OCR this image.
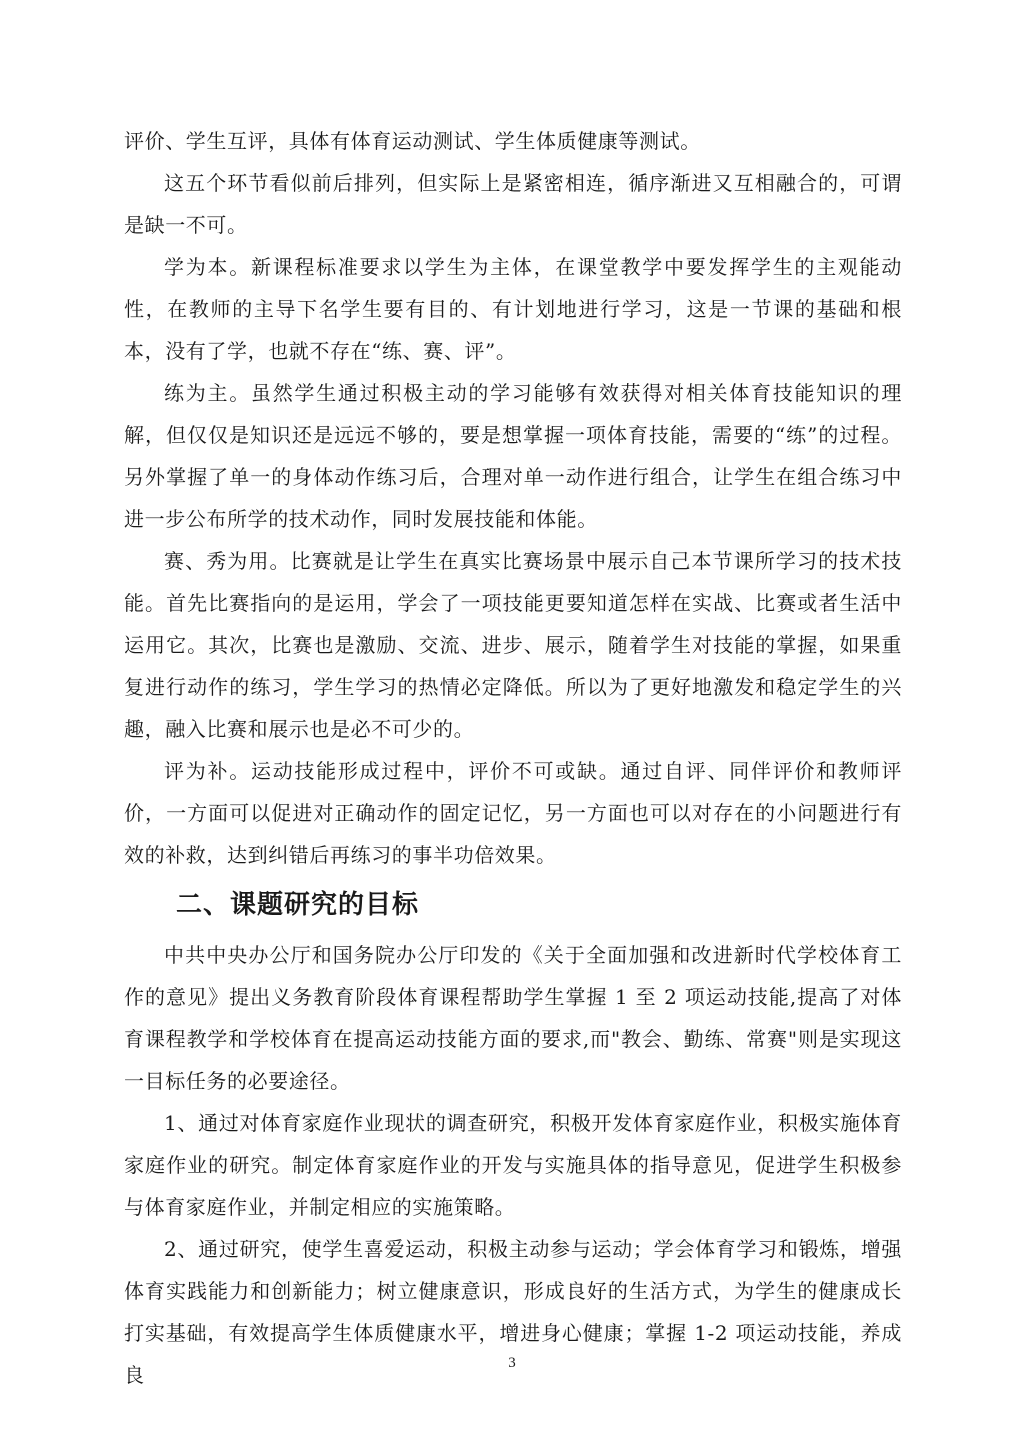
评价、学生互评，具体有体育运动测试、学生体质健康等测试。

这五个环节看似前后排列，但实际上是紧密相连，循序渐进又互相融合的，可谓是缺一不可。

学为本。新课程标准要求以学生为主体，在课堂教学中要发挥学生的主观能动性，在教师的主导下名学生要有目的、有计划地进行学习，这是一节课的基础和根本，没有了学，也就不存在“练、赛、评”。

练为主。虽然学生通过积极主动的学习能够有效获得对相关体育技能知识的理解，但仅仅是知识还是远远不够的，要是想掌握一项体育技能，需要的“练”的过程。另外掌握了单一的身体动作练习后，合理对单一动作进行组合，让学生在组合练习中进一步公布所学的技术动作，同时发展技能和体能。

赛、秀为用。比赛就是让学生在真实比赛场景中展示自己本节课所学习的技术技能。首先比赛指向的是运用，学会了一项技能更要知道怎样在实战、比赛或者生活中运用它。其次，比赛也是激励、交流、进步、展示，随着学生对技能的掌握，如果重复进行动作的练习，学生学习的热情必定降低。所以为了更好地激发和稳定学生的兴趣，融入比赛和展示也是必不可少的。

评为补。运动技能形成过程中，评价不可或缺。通过自评、同伴评价和教师评价，一方面可以促进对正确动作的固定记忆，另一方面也可以对存在的小问题进行有效的补救，达到纠错后再练习的事半功倍效果。

二、课题研究的目标

中共中央办公厅和国务院办公厅印发的《关于全面加强和改进新时代学校体育工作的意见》提出义务教育阶段体育课程帮助学生掌握 1 至 2 项运动技能,提高了对体育课程教学和学校体育在提高运动技能方面的要求,而"教会、勤练、常赛"则是实现这一目标任务的必要途径。

1、通过对体育家庭作业现状的调查研究，积极开发体育家庭作业，积极实施体育家庭作业的研究。制定体育家庭作业的开发与实施具体的指导意见，促进学生积极参与体育家庭作业，并制定相应的实施策略。

2、通过研究，使学生喜爱运动，积极主动参与运动；学会体育学习和锻炼，增强体育实践能力和创新能力；树立健康意识，形成良好的生活方式，为学生的健康成长打实基础，有效提高学生体质健康水平，增进身心健康；掌握 1-2 项运动技能，养成良	3
